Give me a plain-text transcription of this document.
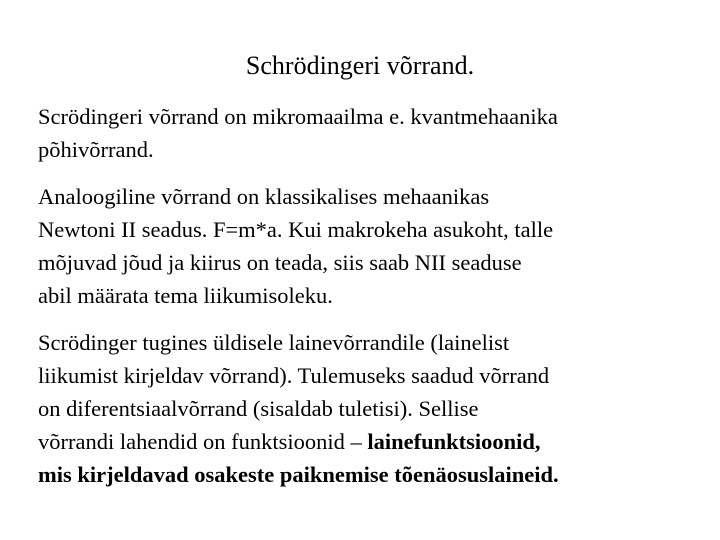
Schrödingeri võrrand.

Scrödingeri võrrand on mikromaailma e. kvantmehaanika
põhivõrrand.

Analoogiline võrrand on klassikalises mehaanikas
Newtoni II seadus. F=m*a. Kui makrokeha asukoht, talle
mõjuvad jõud ja kiirus on teada, siis saab NII seaduse
abil määrata tema liikumisoleku.

Scrödinger tugines üldisele lainevõrrandile (lainelist
liikumist kirjeldav võrrand). Tulemuseks saadud võrrand
on diferentsiaalvõrrand (sisaldab tuletisi). Sellise
võrrandi lahendid on funktsioonid – lainefunktsioonid,
mis kirjeldavad osakeste paiknemise tõenäosuslaineid.
